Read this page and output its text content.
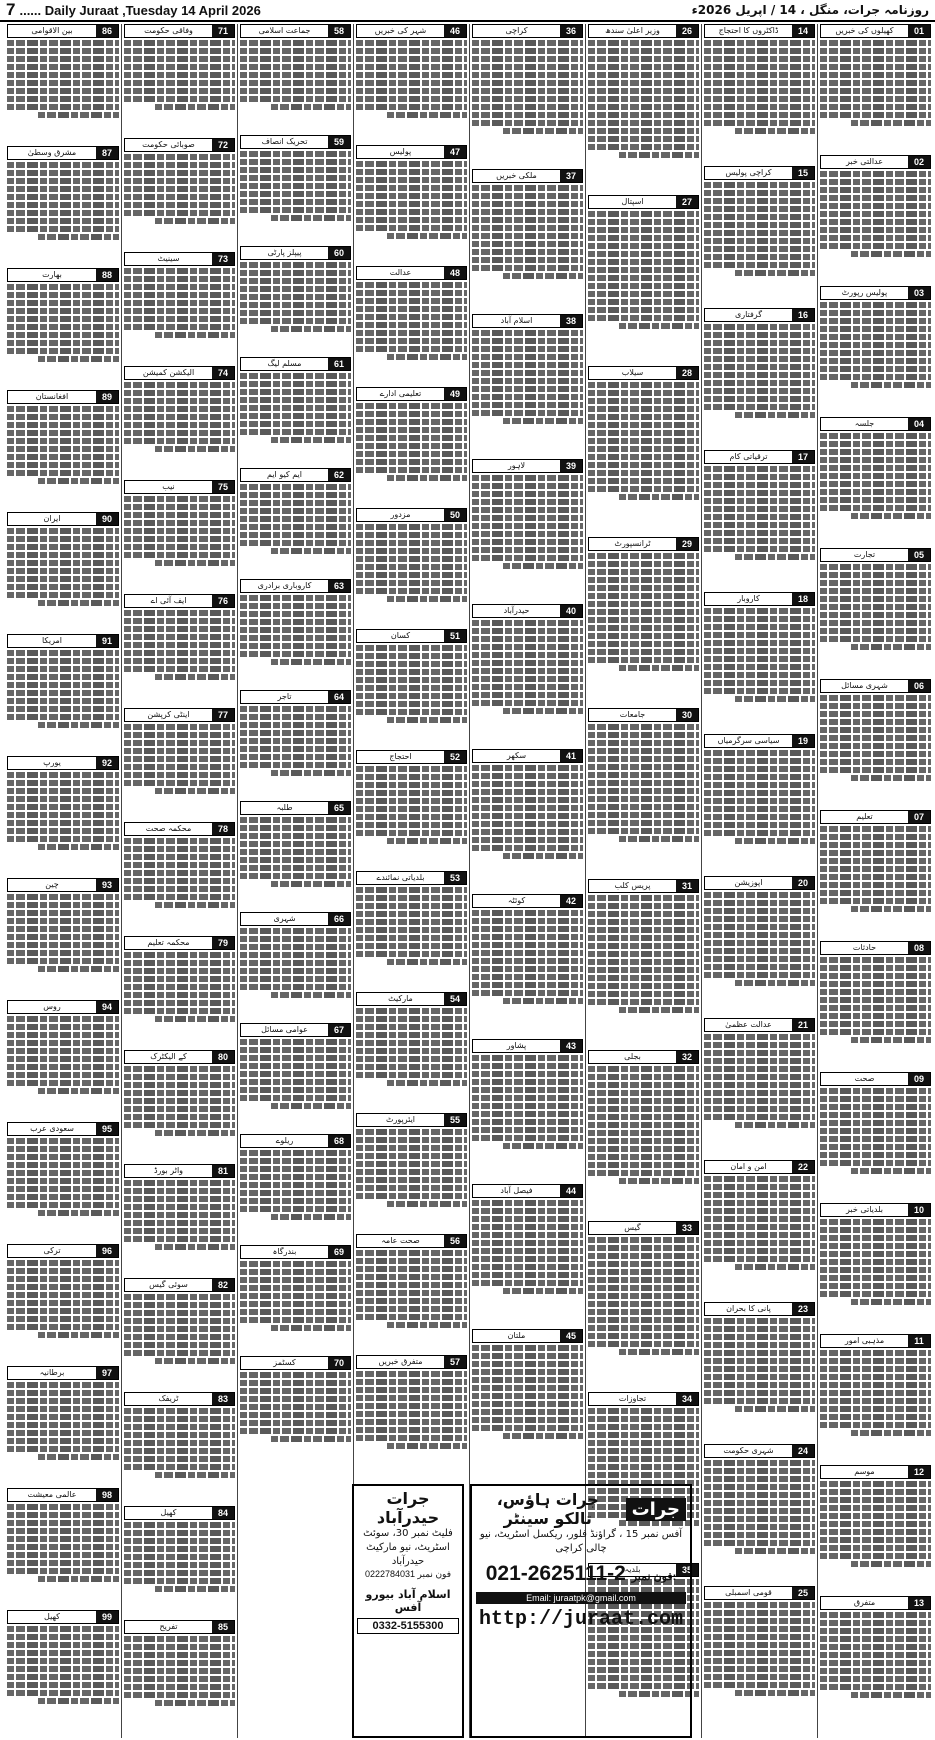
7 ...... Daily Juraat ,Tuesday 14 April 2026	روزنامہ جرات، منگل ، 14 / اپریل 2026ء
01
کھیلوں کی خبریں
02
عدالتی خبر
03
پولیس رپورٹ
04
جلسہ
05
تجارت
06
شہری مسائل
07
تعلیم
08
حادثات
09
صحت
10
بلدیاتی خبر
11
مذہبی امور
12
موسم
13
متفرق
14
ڈاکٹروں کا احتجاج
15
کراچی پولیس
16
گرفتاری
17
ترقیاتی کام
18
کاروبار
19
سیاسی سرگرمیاں
20
اپوزیشن
21
عدالت عظمیٰ
22
امن و امان
23
پانی کا بحران
24
شہری حکومت
25
قومی اسمبلی
26
وزیر اعلیٰ سندھ
27
اسپتال
28
سیلاب
29
ٹرانسپورٹ
30
جامعات
31
پریس کلب
32
بجلی
33
گیس
34
تجاوزات
35
بلدیہ
36
کراچی
37
ملکی خبریں
38
اسلام آباد
39
لاہور
40
حیدرآباد
41
سکھر
42
کوئٹہ
43
پشاور
44
فیصل آباد
45
ملتان
46
شہر کی خبریں
47
پولیس
48
عدالت
49
تعلیمی ادارے
50
مزدور
51
کسان
52
احتجاج
53
بلدیاتی نمائندے
54
مارکیٹ
55
ایئرپورٹ
56
صحت عامہ
57
متفرق خبریں
58
جماعت اسلامی
59
تحریک انصاف
60
پیپلز پارٹی
61
مسلم لیگ
62
ایم کیو ایم
63
کاروباری برادری
64
تاجر
65
طلبہ
66
شہری
67
عوامی مسائل
68
ریلوے
69
بندرگاہ
70
کسٹمز
71
وفاقی حکومت
72
صوبائی حکومت
73
سینیٹ
74
الیکشن کمیشن
75
نیب
76
ایف آئی اے
77
اینٹی کرپشن
78
محکمہ صحت
79
محکمہ تعلیم
80
کے الیکٹرک
81
واٹر بورڈ
82
سوئی گیس
83
ٹریفک
84
کھیل
85
تفریح
86
بین الاقوامی
87
مشرق وسطیٰ
88
بھارت
89
افغانستان
90
ایران
91
امریکا
92
یورپ
93
چین
94
روس
95
سعودی عرب
96
ترکی
97
برطانیہ
98
عالمی معیشت
99
کھیل
جرات حیدرآباد
فلیٹ نمبر 30، سوئٹ اسٹریٹ، نیو مارکیٹ حیدرآباد
فون نمبر 0222784031
اسلام آباد بیورو آفس
0332-5155300
جرات
جرات ہاؤس، تالکو سینٹر
آفس نمبر 15 ، گراؤنڈ فلور، ریکسل اسٹریٹ، نیو چالی کراچی
021-2625111-2 فون نمبر:
Email: juraatpk@gmail.com
http://juraat.com
